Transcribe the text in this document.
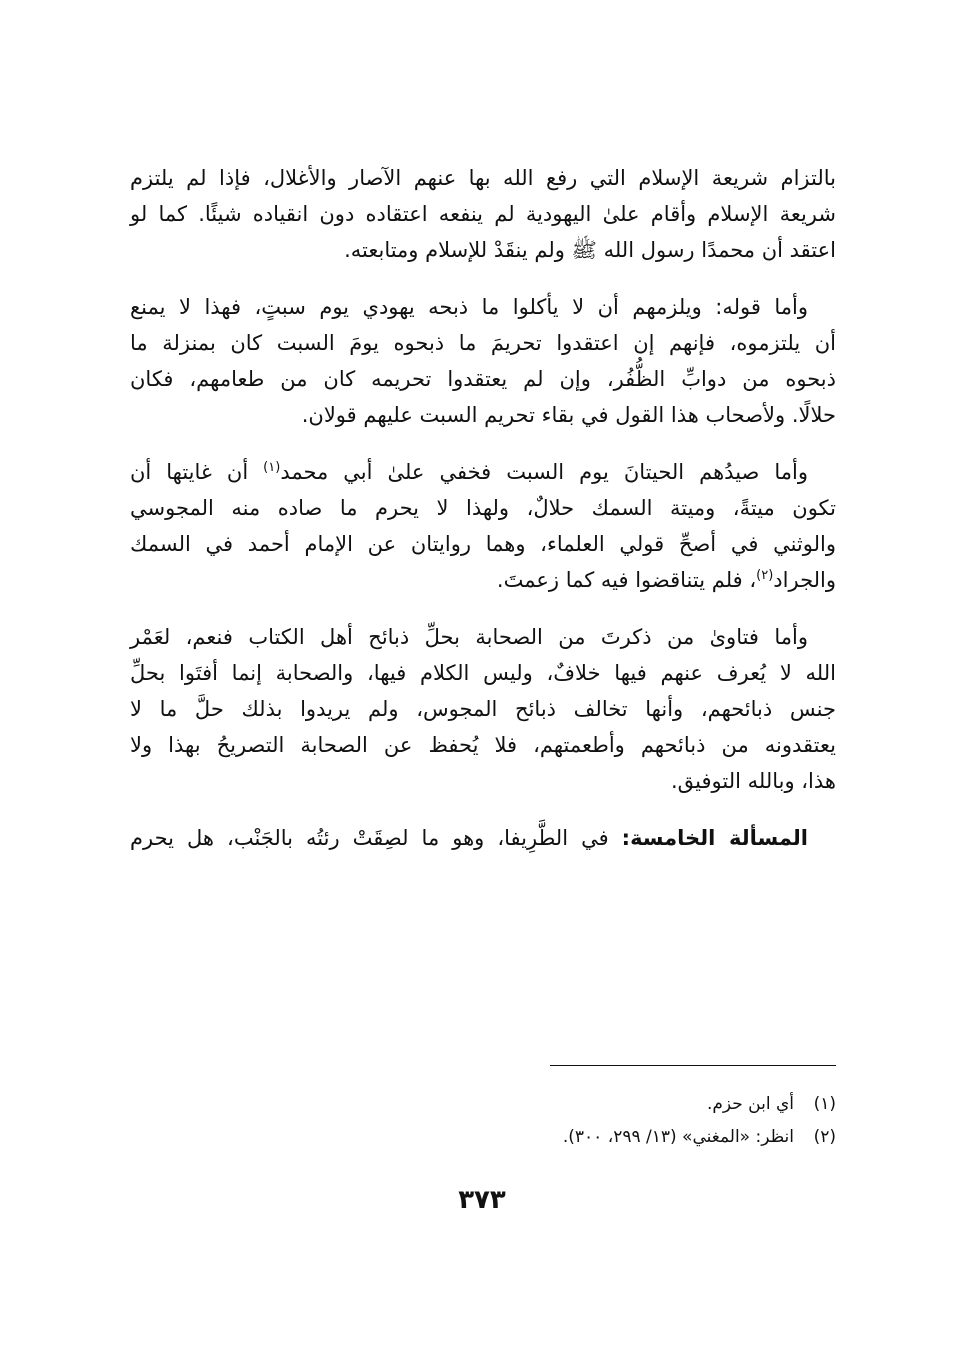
بالتزام شريعة الإسلام التي رفع الله بها عنهم الآصار والأغلال، فإذا لم يلتزم
شريعة الإسلام وأقام علىٰ اليهودية لم ينفعه اعتقاده دون انقياده شيئًا. كما لو
اعتقد أن محمدًا رسول الله ﷺ ولم ينقَدْ للإسلام ومتابعته.

وأما قوله: ويلزمهم أن لا يأكلوا ما ذبحه يهودي يوم سبتٍ، فهذا لا يمنع
أن يلتزموه، فإنهم إن اعتقدوا تحريمَ ما ذبحوه يومَ السبت كان بمنزلة ما
ذبحوه من دوابِّ الظُّفُر، وإن لم يعتقدوا تحريمه كان من طعامهم، فكان
حلالًا. ولأصحاب هذا القول في بقاء تحريم السبت عليهم قولان.

وأما صيدُهم الحيتانَ يوم السبت فخفي علىٰ أبي محمد$^{(١)}$ أن غايتها أن
تكون ميتةً، وميتة السمك حلالٌ، ولهذا لا يحرم ما صاده منه المجوسي
والوثني في أصحِّ قولي العلماء، وهما روايتان عن الإمام أحمد في السمك
والجراد$^{(٢)}$، فلم يتناقضوا فيه كما زعمتَ.

وأما فتاوىٰ من ذكرتَ من الصحابة بحلِّ ذبائح أهل الكتاب فنعم، لعَمْر
الله لا يُعرف عنهم فيها خلافٌ، وليس الكلام فيها، والصحابة إنما أفتَوا بحلِّ
جنس ذبائحهم، وأنها تخالف ذبائح المجوس، ولم يريدوا بذلك حلَّ ما لا
يعتقدونه من ذبائحهم وأطعمتهم، فلا يُحفظ عن الصحابة التصريحُ بهذا ولا
هذا، وبالله التوفيق.

المسألة الخامسة: في الطَّرِيفا، وهو ما لصِقَتْ رئتُه بالجَنْب، هل يحرم

(١)أي ابن حزم.
(٢)انظر: «المغني» (١٣/ ٢٩٩، ٣٠٠).
٣٧٣
